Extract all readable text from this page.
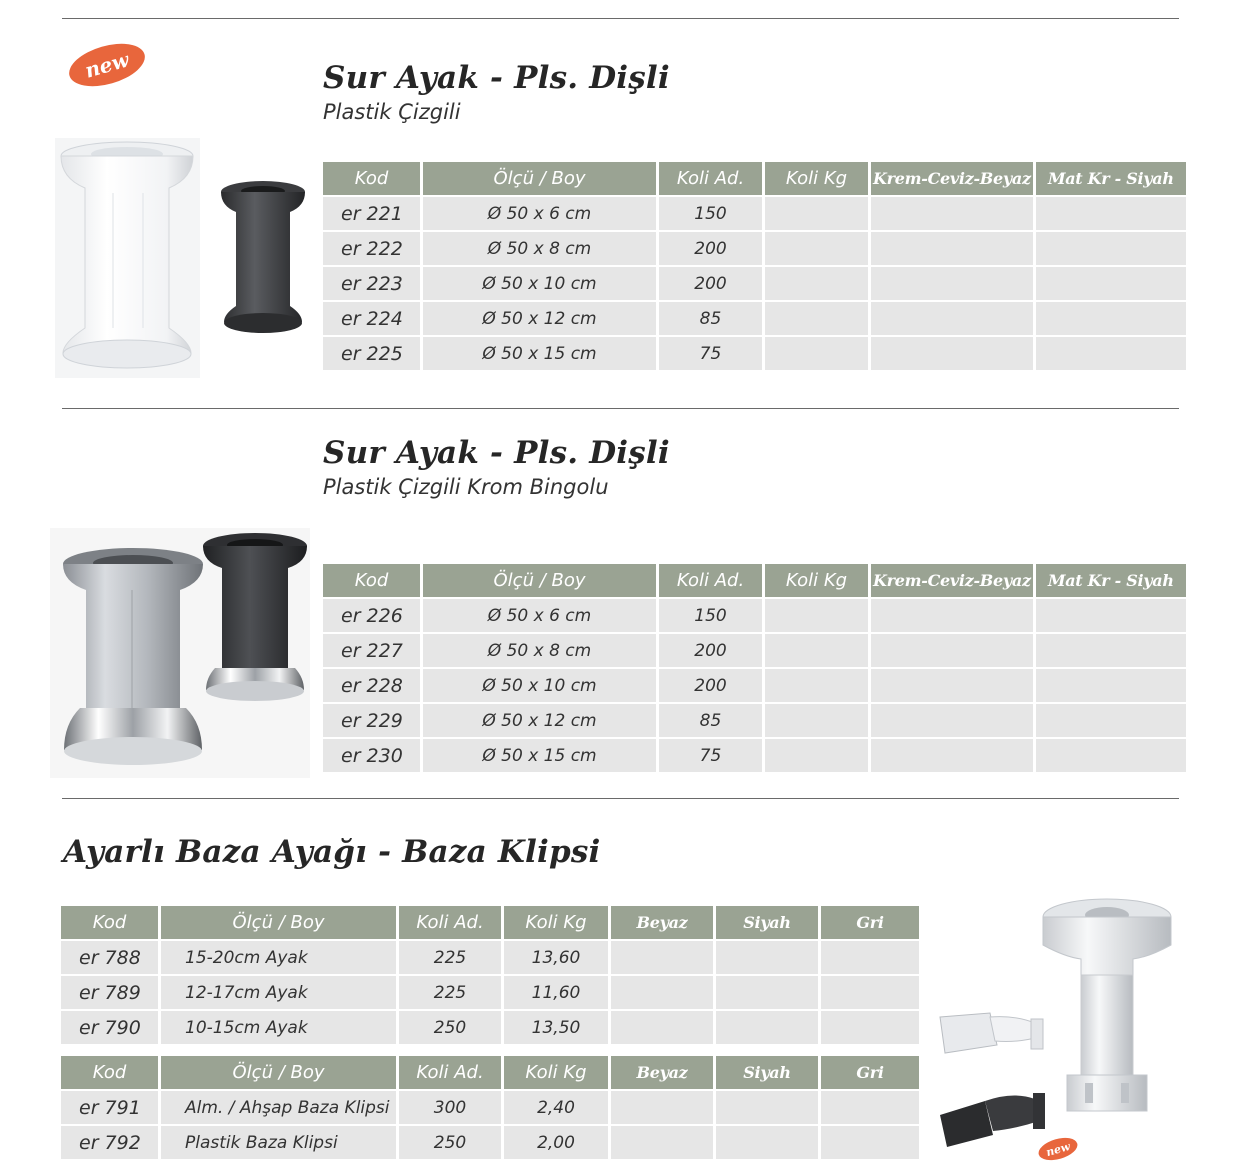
new	Sur Ayak - Pls. Dişli
Plastik Çizgili
Kod	Ölçü / Boy	Koli Ad.	Koli Kg	Krem-Ceviz-Beyaz	Mat Kr - Siyah
er 221	Ø 50 x 6 cm	150			
er 222	Ø 50 x 8 cm	200			
er 223	Ø 50 x 10 cm	200			
er 224	Ø 50 x 12 cm	85			
er 225	Ø 50 x 15 cm	75			
Sur Ayak - Pls. Dişli
Plastik Çizgili Krom Bingolu
Kod	Ölçü / Boy	Koli Ad.	Koli Kg	Krem-Ceviz-Beyaz	Mat Kr - Siyah
er 226	Ø 50 x 6 cm	150			
er 227	Ø 50 x 8 cm	200			
er 228	Ø 50 x 10 cm	200			
er 229	Ø 50 x 12 cm	85			
er 230	Ø 50 x 15 cm	75			
Ayarlı Baza Ayağı - Baza Klipsi
Kod	Ölçü / Boy	Koli Ad.	Koli Kg	Beyaz	Siyah	Gri
er 788	15-20cm Ayak	225	13,60			
er 789	12-17cm Ayak	225	11,60			
er 790	10-15cm Ayak	250	13,50			
Kod	Ölçü / Boy	Koli Ad.	Koli Kg	Beyaz	Siyah	Gri
er 791	Alm. / Ahşap Baza Klipsi	300	2,40			
er 792	Plastik Baza Klipsi	250	2,00				new
